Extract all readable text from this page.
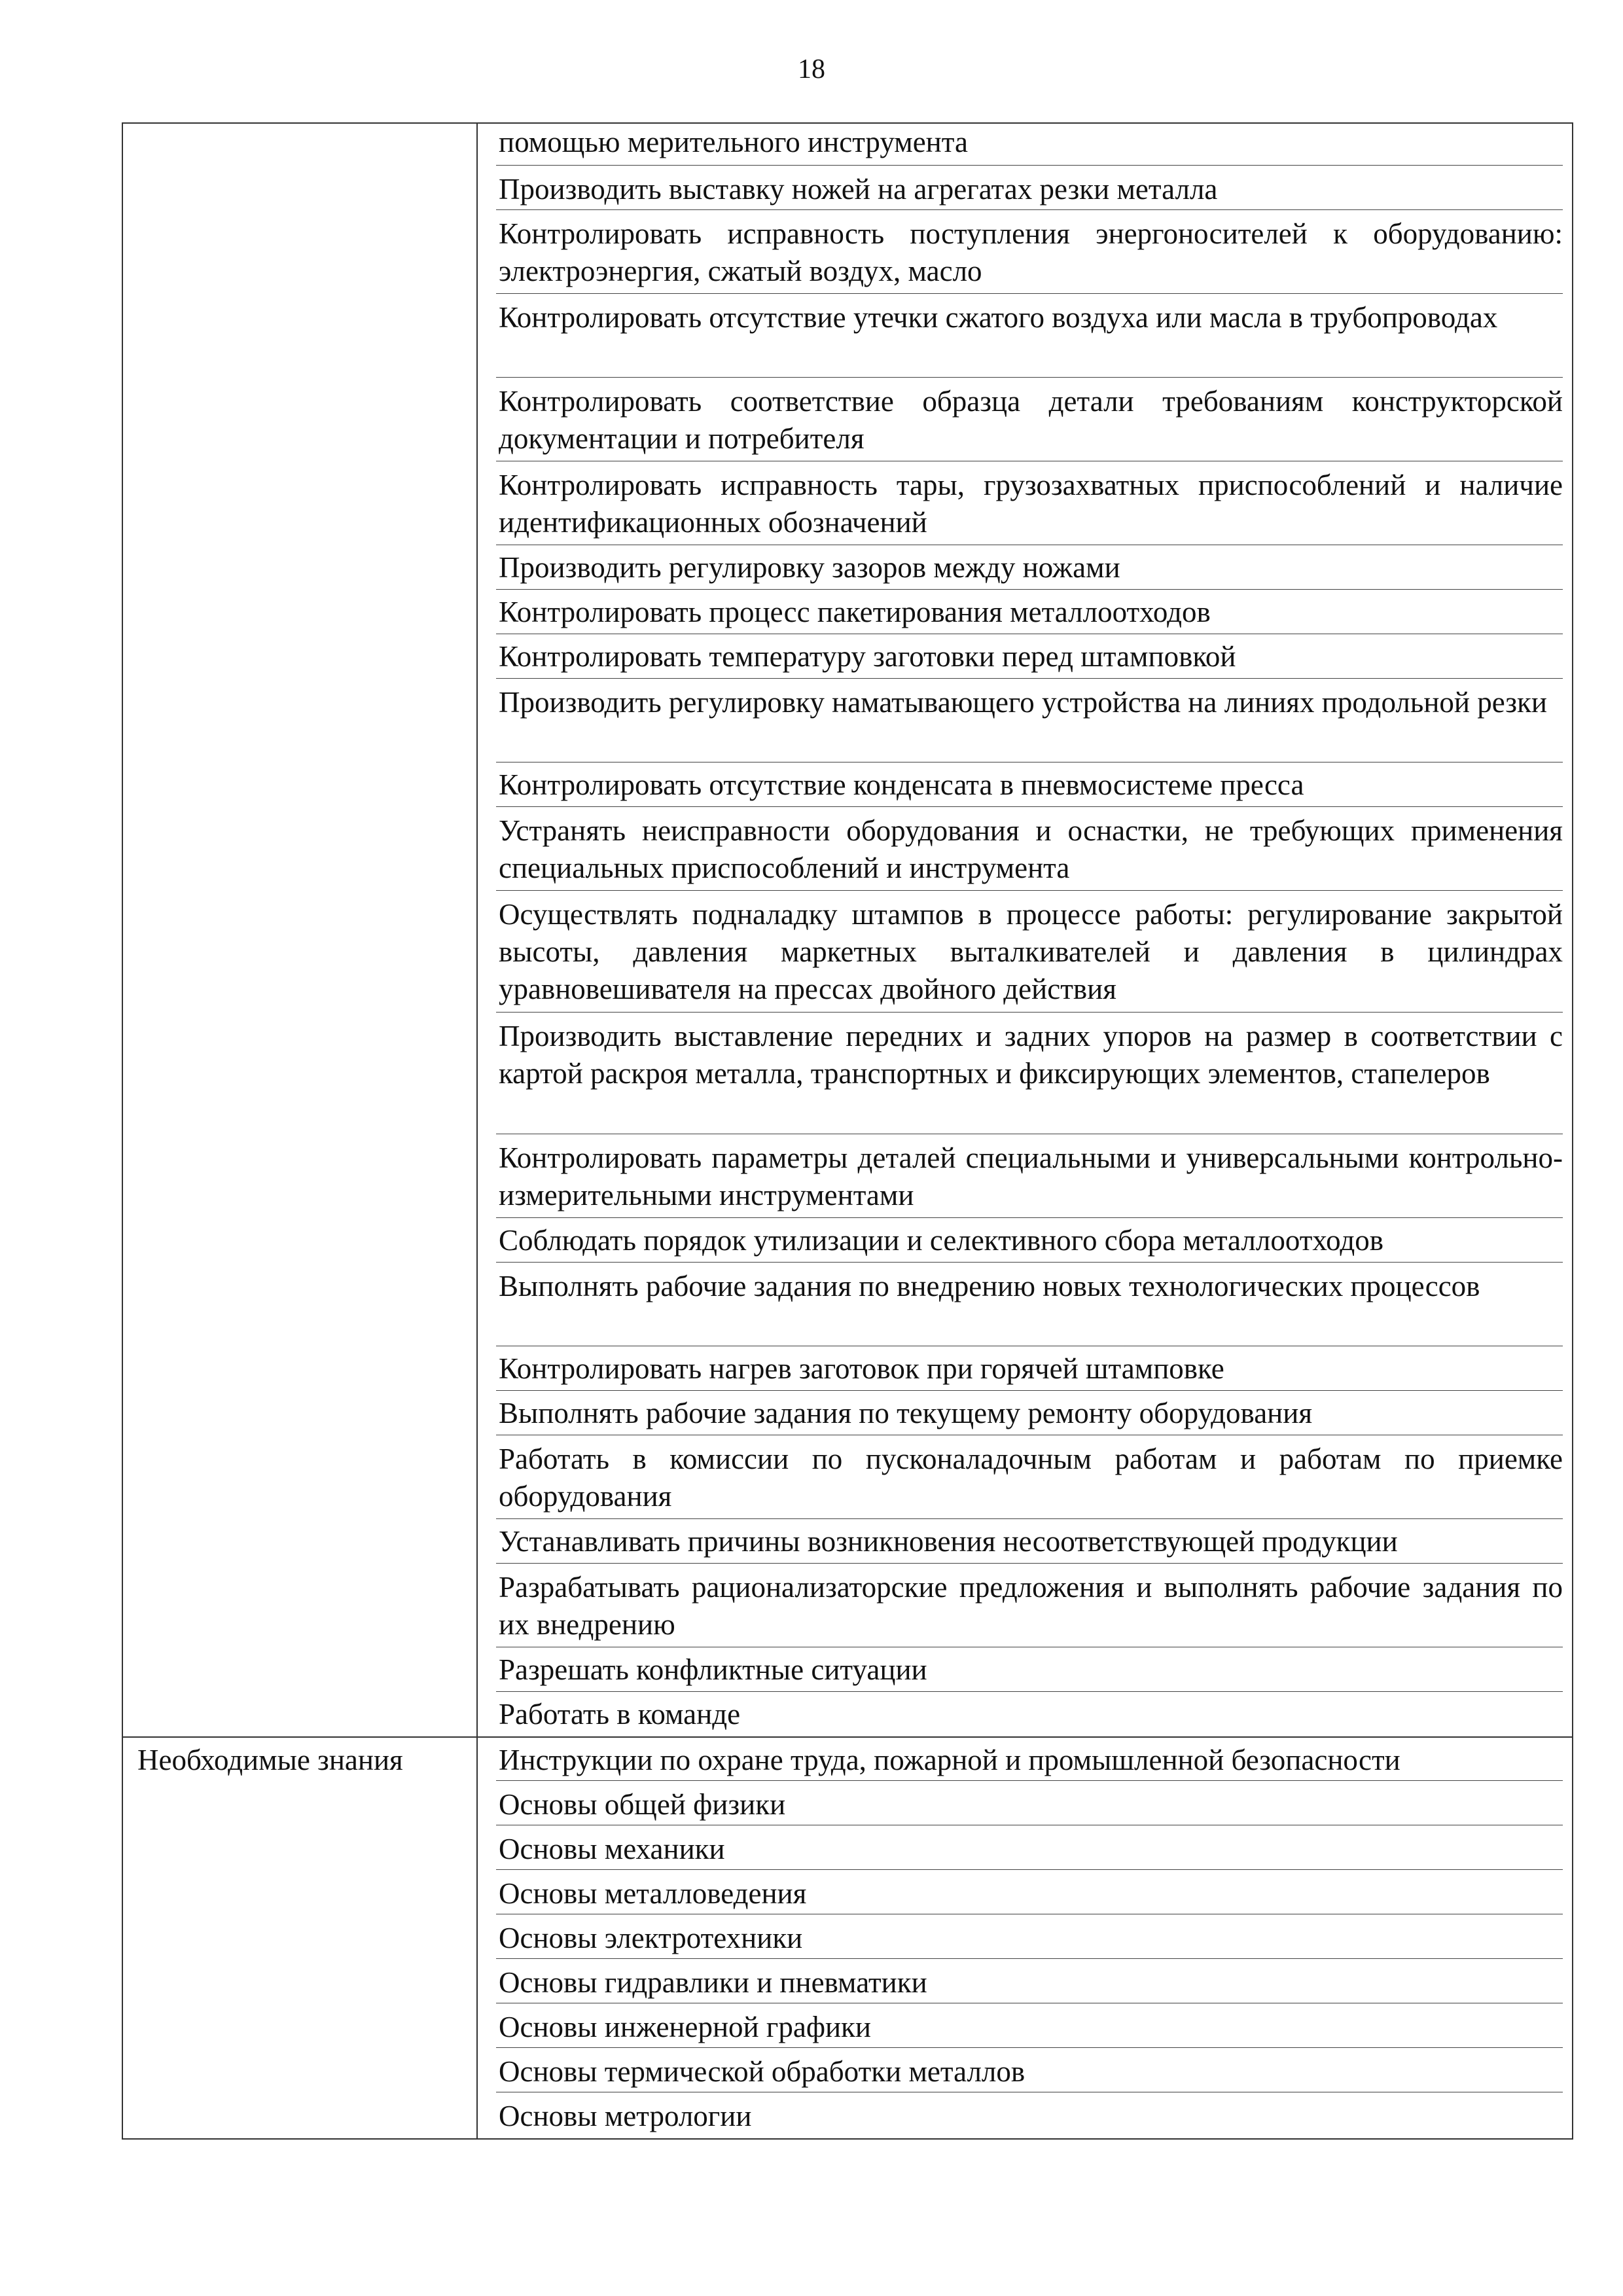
18
помощью мерительного инструмента
Производить выставку ножей на агрегатах резки металла
Контролировать исправность поступления энергоносителей к оборудованию: электроэнергия, сжатый воздух, масло
Контролировать отсутствие утечки сжатого воздуха или масла в трубопроводах
Контролировать соответствие образца детали требованиям конструкторской документации и потребителя
Контролировать исправность тары, грузозахватных приспособлений и наличие идентификационных обозначений
Производить регулировку зазоров между ножами
Контролировать процесс пакетирования металлоотходов
Контролировать температуру заготовки перед штамповкой
Производить регулировку наматывающего устройства на линиях продольной резки
Контролировать отсутствие конденсата в пневмосистеме пресса
Устранять неисправности оборудования и оснастки, не требующих применения специальных приспособлений и инструмента
Осуществлять подналадку штампов в процессе работы: регулирование закрытой высоты, давления маркетных выталкивателей и давления в цилиндрах уравновешивателя на прессах двойного действия
Производить выставление передних и задних упоров на размер в соответствии с картой раскроя металла, транспортных и фиксирующих элементов, стапелеров
Контролировать параметры деталей специальными и универсальными контрольно-измерительными инструментами
Соблюдать порядок утилизации и селективного сбора металлоотходов
Выполнять рабочие задания по внедрению новых технологических процессов
Контролировать нагрев заготовок при горячей штамповке
Выполнять рабочие задания по текущему ремонту оборудования
Работать в комиссии по пусконаладочным работам и работам по приемке оборудования
Устанавливать причины возникновения несоответствующей продукции
Разрабатывать рационализаторские предложения и выполнять рабочие задания по их внедрению
Разрешать конфликтные ситуации
Работать в команде
Необходимые знания	Инструкции по охране труда, пожарной и промышленной безопасности
Основы общей физики
Основы механики
Основы металловедения
Основы электротехники
Основы гидравлики и пневматики
Основы инженерной графики
Основы термической обработки металлов
Основы метрологии
